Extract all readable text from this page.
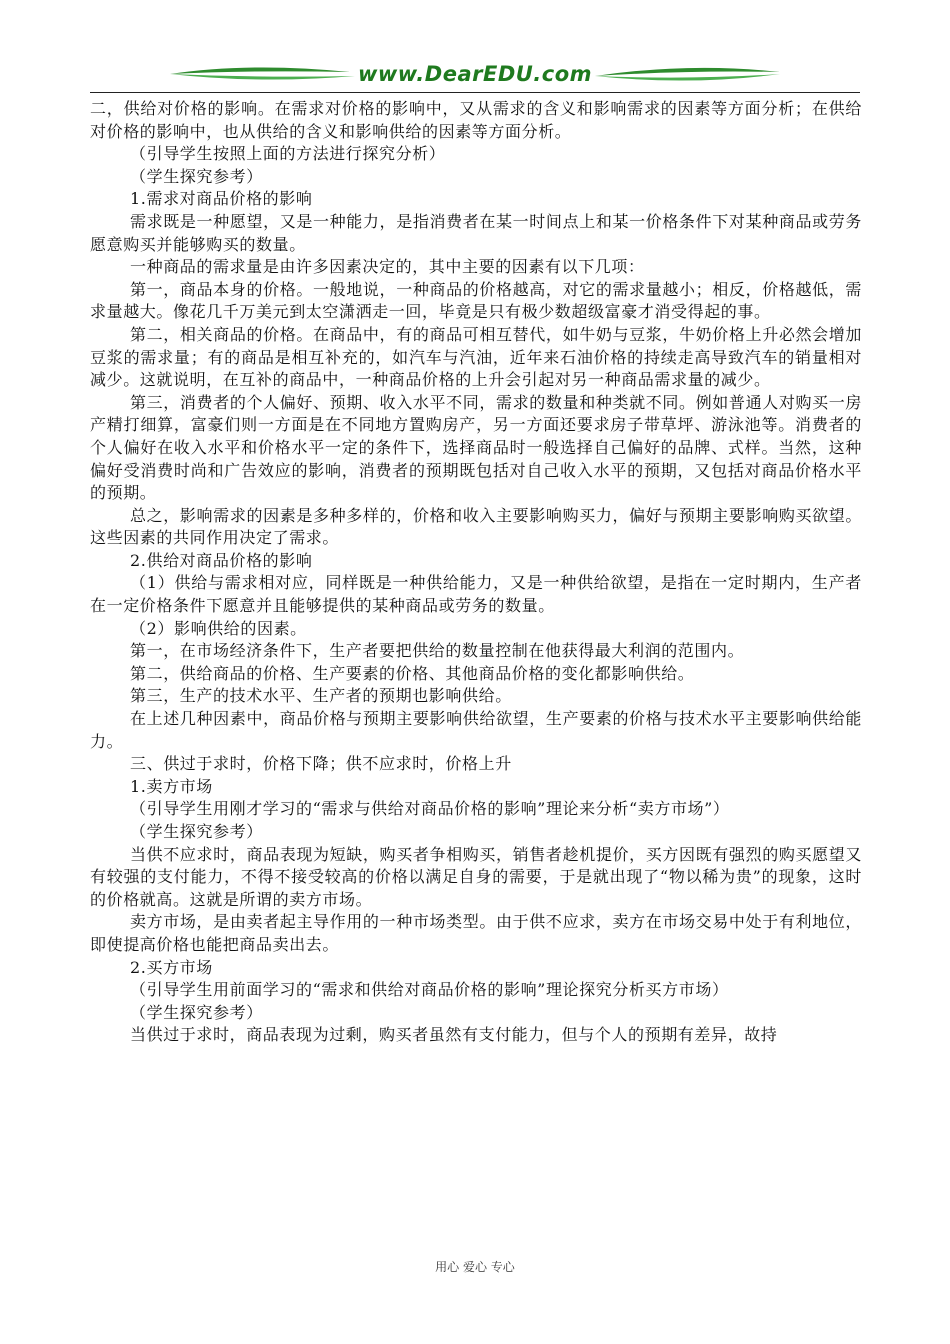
www.DearEDU.com

二，供给对价格的影响。在需求对价格的影响中，又从需求的含义和影响需求的因素等方面分析；在供给对价格的影响中，也从供给的含义和影响供给的因素等方面分析。

（引导学生按照上面的方法进行探究分析）

（学生探究参考）

1.需求对商品价格的影响

需求既是一种愿望，又是一种能力，是指消费者在某一时间点上和某一价格条件下对某种商品或劳务愿意购买并能够购买的数量。

一种商品的需求量是由许多因素决定的，其中主要的因素有以下几项：

第一，商品本身的价格。一般地说，一种商品的价格越高，对它的需求量越小；相反，价格越低，需求量越大。像花几千万美元到太空潇洒走一回，毕竟是只有极少数超级富豪才消受得起的事。

第二，相关商品的价格。在商品中，有的商品可相互替代，如牛奶与豆浆，牛奶价格上升必然会增加豆浆的需求量；有的商品是相互补充的，如汽车与汽油，近年来石油价格的持续走高导致汽车的销量相对减少。这就说明，在互补的商品中，一种商品价格的上升会引起对另一种商品需求量的减少。

第三，消费者的个人偏好、预期、收入水平不同，需求的数量和种类就不同。例如普通人对购买一房产精打细算，富豪们则一方面是在不同地方置购房产，另一方面还要求房子带草坪、游泳池等。消费者的个人偏好在收入水平和价格水平一定的条件下，选择商品时一般选择自己偏好的品牌、式样。当然，这种偏好受消费时尚和广告效应的影响，消费者的预期既包括对自己收入水平的预期，又包括对商品价格水平的预期。

总之，影响需求的因素是多种多样的，价格和收入主要影响购买力，偏好与预期主要影响购买欲望。这些因素的共同作用决定了需求。

2.供给对商品价格的影响

（1）供给与需求相对应，同样既是一种供给能力，又是一种供给欲望，是指在一定时期内，生产者在一定价格条件下愿意并且能够提供的某种商品或劳务的数量。

（2）影响供给的因素。

第一，在市场经济条件下，生产者要把供给的数量控制在他获得最大利润的范围内。

第二，供给商品的价格、生产要素的价格、其他商品价格的变化都影响供给。

第三，生产的技术水平、生产者的预期也影响供给。

在上述几种因素中，商品价格与预期主要影响供给欲望，生产要素的价格与技术水平主要影响供给能力。

三、供过于求时，价格下降；供不应求时，价格上升

1.卖方市场

（引导学生用刚才学习的“需求与供给对商品价格的影响”理论来分析“卖方市场”）

（学生探究参考）

当供不应求时，商品表现为短缺，购买者争相购买，销售者趁机提价，买方因既有强烈的购买愿望又有较强的支付能力，不得不接受较高的价格以满足自身的需要，于是就出现了“物以稀为贵”的现象，这时的价格就高。这就是所谓的卖方市场。

卖方市场，是由卖者起主导作用的一种市场类型。由于供不应求，卖方在市场交易中处于有利地位，即使提高价格也能把商品卖出去。

2.买方市场

（引导学生用前面学习的“需求和供给对商品价格的影响”理论探究分析买方市场）

（学生探究参考）

当供过于求时，商品表现为过剩，购买者虽然有支付能力，但与个人的预期有差异，故持

用心 爱心 专心
